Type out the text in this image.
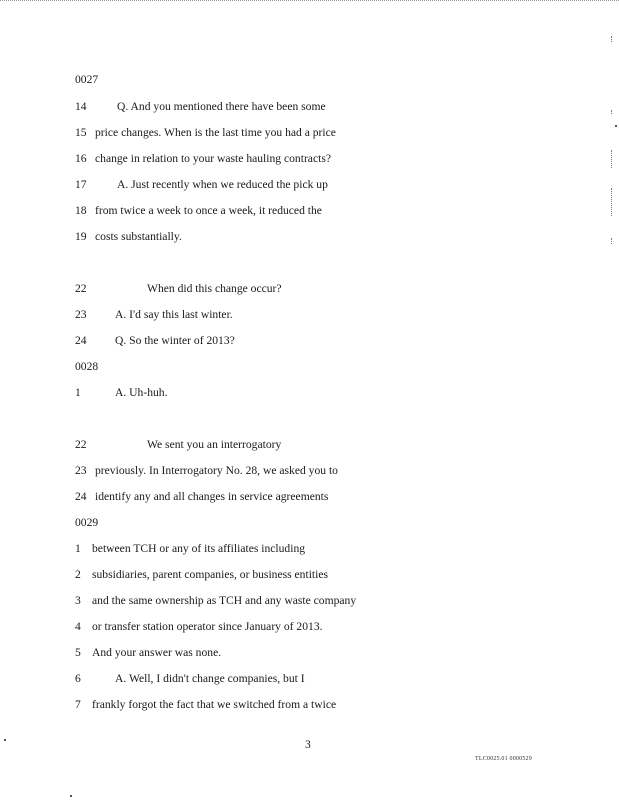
0027
14	Q. And you mentioned there have been some
15 price changes. When is the last time you had a price
16 change in relation to your waste hauling contracts?
17	A. Just recently when we reduced the pick up
18 from twice a week to once a week, it reduced the
19 costs substantially.
22	When did this change occur?
23 A. I'd say this last winter.
24 Q. So the winter of 2013?
0028
1	A. Uh-huh.
22	We sent you an interrogatory
23 previously. In Interrogatory No. 28, we asked you to
24 identify any and all changes in service agreements
0029
1 between TCH or any of its affiliates including
2 subsidiaries, parent companies, or business entities
3 and the same ownership as TCH and any waste company
4 or transfer station operator since January of 2013.
5 And your answer was none.
6	A. Well, I didn't change companies, but I
7 frankly forgot the fact that we switched from a twice
3
TLC0025.01 0000529
